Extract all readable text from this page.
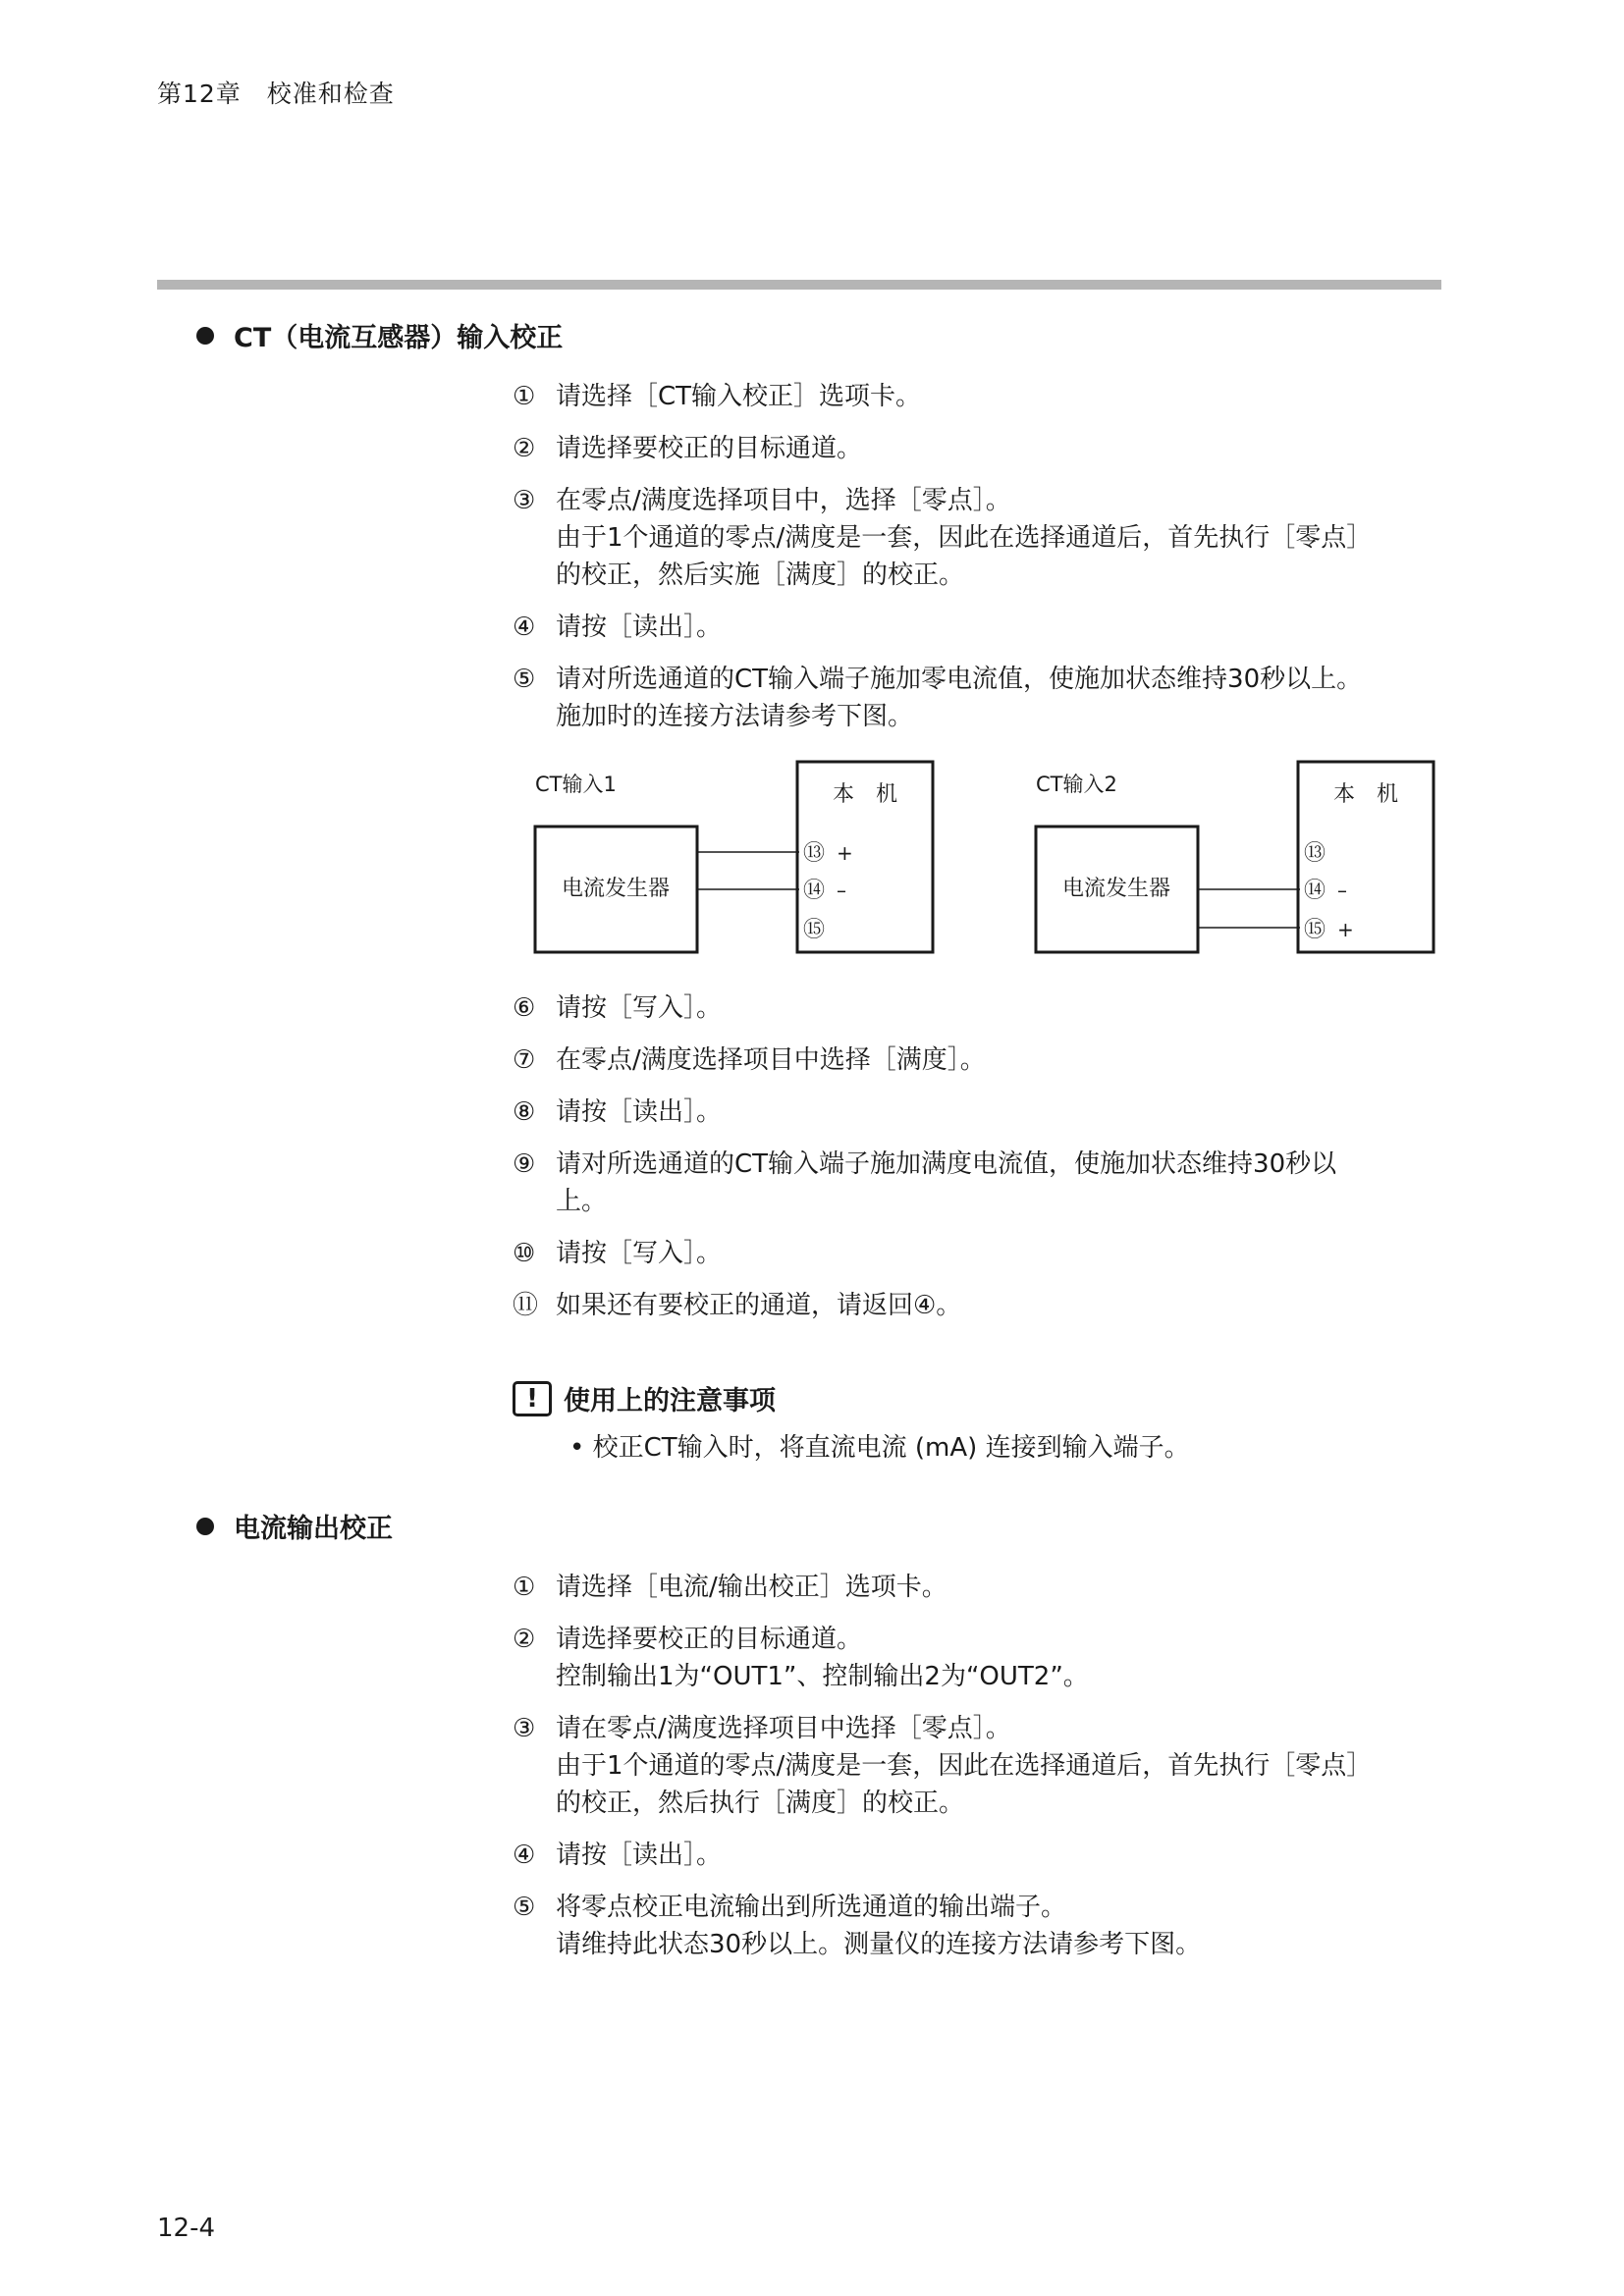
第12章　校准和检查
CT（电流互感器）输入校正
① 请选择［CT输入校正］选项卡。
② 请选择要校正的目标通道。
③ 在零点/满度选择项目中，选择［零点］。
由于1个通道的零点/满度是一套，因此在选择通道后，首先执行［零点］
的校正，然后实施［满度］的校正。
④ 请按［读出］。
⑤ 请对所选通道的CT输入端子施加零电流值，使施加状态维持30秒以上。
施加时的连接方法请参考下图。
CT输入1
电流发生器
本　机
⑬
⑭
⑮
+
–
CT输入2
电流发生器
本　机
⑬
⑭
⑮
–
+
⑥ 请按［写入］。
⑦ 在零点/满度选择项目中选择［满度］。
⑧ 请按［读出］。
⑨ 请对所选通道的CT输入端子施加满度电流值，使施加状态维持30秒以
上。
⑩ 请按［写入］。
⑪ 如果还有要校正的通道，请返回④。
! 使用上的注意事项
• 校正CT输入时，将直流电流 (mA) 连接到输入端子。
电流输出校正
① 请选择［电流/输出校正］选项卡。
② 请选择要校正的目标通道。
控制输出1为“OUT1”、控制输出2为“OUT2”。
③ 请在零点/满度选择项目中选择［零点］。
由于1个通道的零点/满度是一套，因此在选择通道后，首先执行［零点］
的校正，然后执行［满度］的校正。
④ 请按［读出］。
⑤ 将零点校正电流输出到所选通道的输出端子。
请维持此状态30秒以上。测量仪的连接方法请参考下图。
12-4
